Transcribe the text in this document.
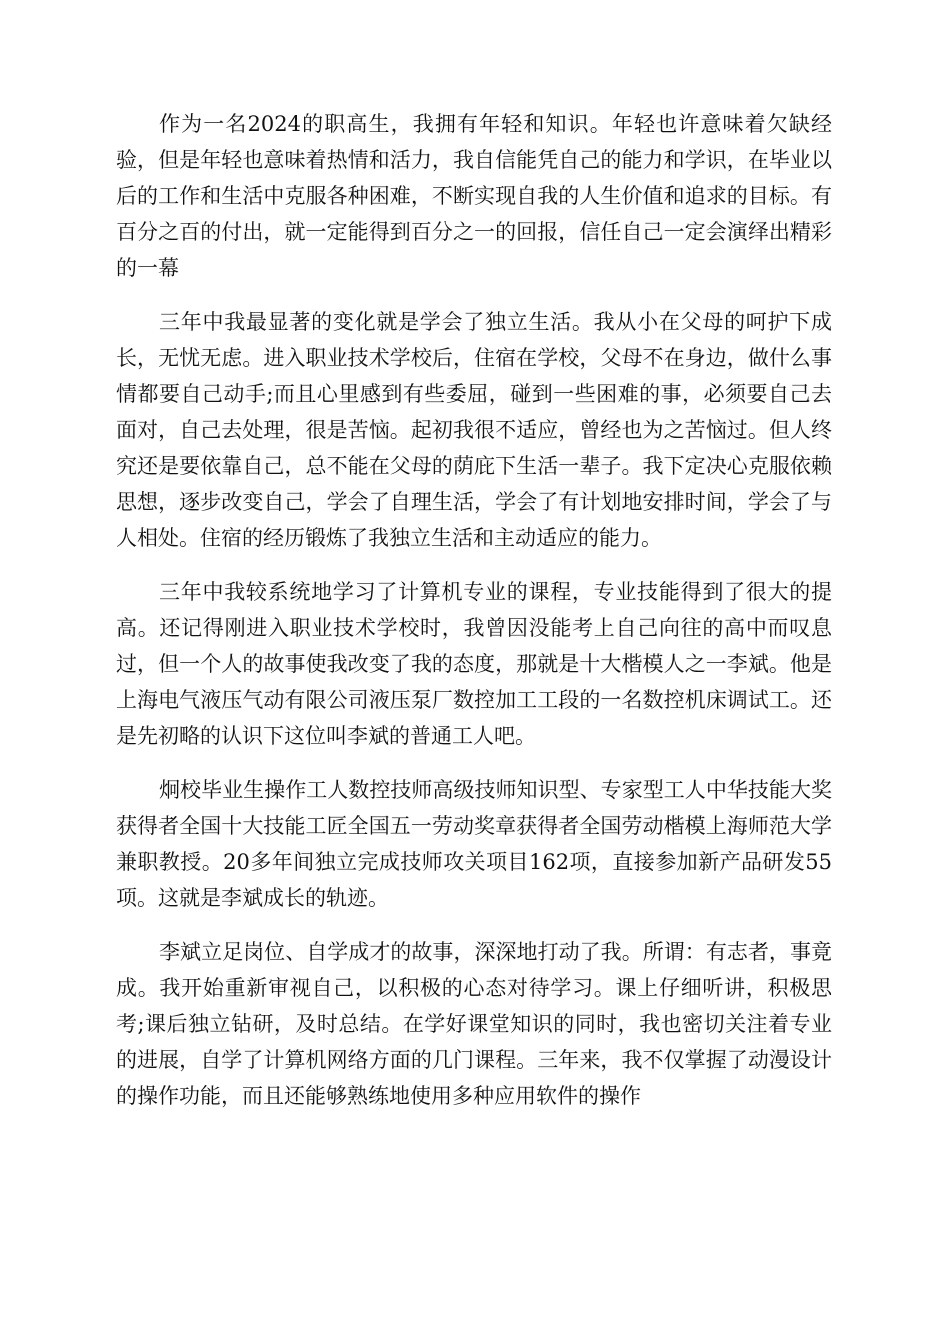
作为一名2024的职高生，我拥有年轻和知识。年轻也许意味着欠缺经验，但是年轻也意味着热情和活力，我自信能凭自己的能力和学识，在毕业以后的工作和生活中克服各种困难，不断实现自我的人生价值和追求的目标。有百分之百的付出，就一定能得到百分之一的回报，信任自己一定会演绎出精彩的一幕

三年中我最显著的变化就是学会了独立生活。我从小在父母的呵护下成长，无忧无虑。进入职业技术学校后，住宿在学校，父母不在身边，做什么事情都要自己动手;而且心里感到有些委屈，碰到一些困难的事，必须要自己去面对，自己去处理，很是苦恼。起初我很不适应，曾经也为之苦恼过。但人终究还是要依靠自己，总不能在父母的荫庇下生活一辈子。我下定决心克服依赖思想，逐步改变自己，学会了自理生活，学会了有计划地安排时间，学会了与人相处。住宿的经历锻炼了我独立生活和主动适应的能力。

三年中我较系统地学习了计算机专业的课程，专业技能得到了很大的提高。还记得刚进入职业技术学校时，我曾因没能考上自己向往的高中而叹息过，但一个人的故事使我改变了我的态度，那就是十大楷模人之一李斌。他是上海电气液压气动有限公司液压泵厂数控加工工段的一名数控机床调试工。还是先初略的认识下这位叫李斌的普通工人吧。

炯校毕业生操作工人数控技师高级技师知识型、专家型工人中华技能大奖获得者全国十大技能工匠全国五一劳动奖章获得者全国劳动楷模上海师范大学兼职教授。20多年间独立完成技师攻关项目162项，直接参加新产品研发55项。这就是李斌成长的轨迹。

李斌立足岗位、自学成才的故事，深深地打动了我。所谓：有志者，事竟成。我开始重新审视自己，以积极的心态对待学习。课上仔细听讲，积极思考;课后独立钻研，及时总结。在学好课堂知识的同时，我也密切关注着专业的进展，自学了计算机网络方面的几门课程。三年来，我不仅掌握了动漫设计的操作功能，而且还能够熟练地使用多种应用软件的操作
